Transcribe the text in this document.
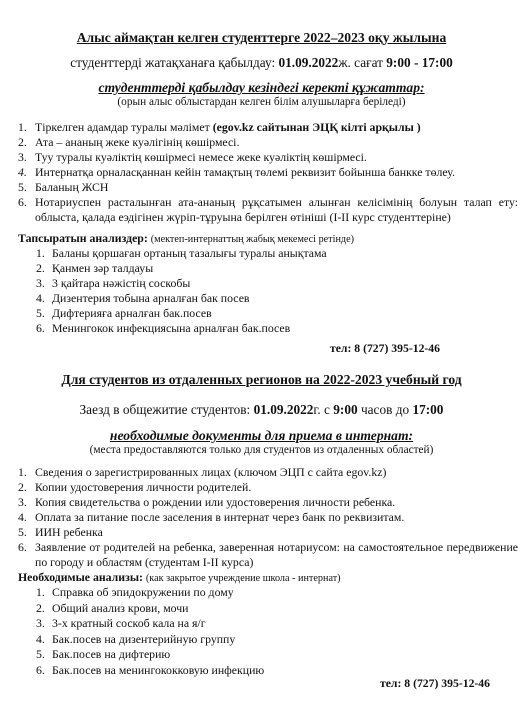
Алыс аймақтан келген студенттерге 2022–2023 оқу жылына
студенттерді жатақханаға қабылдау: 01.09.2022ж. сағат 9:00 - 17:00
студенттерді қабылдау кезіндегі керекті құжаттар:
(орын алыс облыстардан келген білім алушыларға беріледі)
1. Тіркелген адамдар туралы мәлімет (egov.kz сайтынан ЭЦҚ кілті арқылы )
2. Ата – ананың жеке куәлігінің көшірмесі.
3. Туу туралы куәліктің көшірмесі немесе жеке куәліктің көшірмесі.
4. Интернатқа орналасқаннан кейін тамақтың төлемі реквизит бойынша банкке төлеу.
5. Баланың ЖСН
6. Нотариуспен расталынған ата-ананың рұқсатымен алынған келісімінің болуын талап ету: облыста, қалада еэдігінен жүріп-тұруына берілген өтініші (I-II курс студенттеріне)
Тапсыратын анализдер: (мектеп-интернаттың жабық мекемесі ретінде)
1. Баланы қоршаған ортаның тазалығы туралы анықтама
2. Қанмен зәр талдауы
3. 3 қайтара нәжістің соскобы
4. Дизентерия тобына арналған бак посев
5. Дифтерияға арналған бак.посев
6. Менингокок инфекциясына арналған бак.посев
тел: 8 (727) 395-12-46
Для студентов из отдаленных регионов на 2022-2023 учебный год
Заезд в общежитие студентов: 01.09.2022г. с 9:00 часов до 17:00
необходимые документы для приема в интернат:
(места предоставляются только для студентов из отдаленных областей)
1. Сведения о зарегистрированных лицах (ключом ЭЦП с сайта egov.kz)
2. Копии удостоверения личности родителей.
3. Копия свидетельства о рождении или удостоверения личности ребенка.
4. Оплата за питание после заселения в интернат через банк по реквизитам.
5. ИИН ребенка
6. Заявление от родителей на ребенка, заверенная нотариусом: на самостоятельное передвижение по городу и областям (студентам I-II курса)
Необходимые анализы: (как закрытое учреждение школа - интернат)
1. Справка об эпидокружении по дому
2. Общий анализ крови, мочи
3. 3-х кратный соскоб кала на я/г
4. Бак.посев на дизентерийную группу
5. Бак.посев на дифтерию
6. Бак.посев на менингококковую инфекцию
тел: 8 (727) 395-12-46
